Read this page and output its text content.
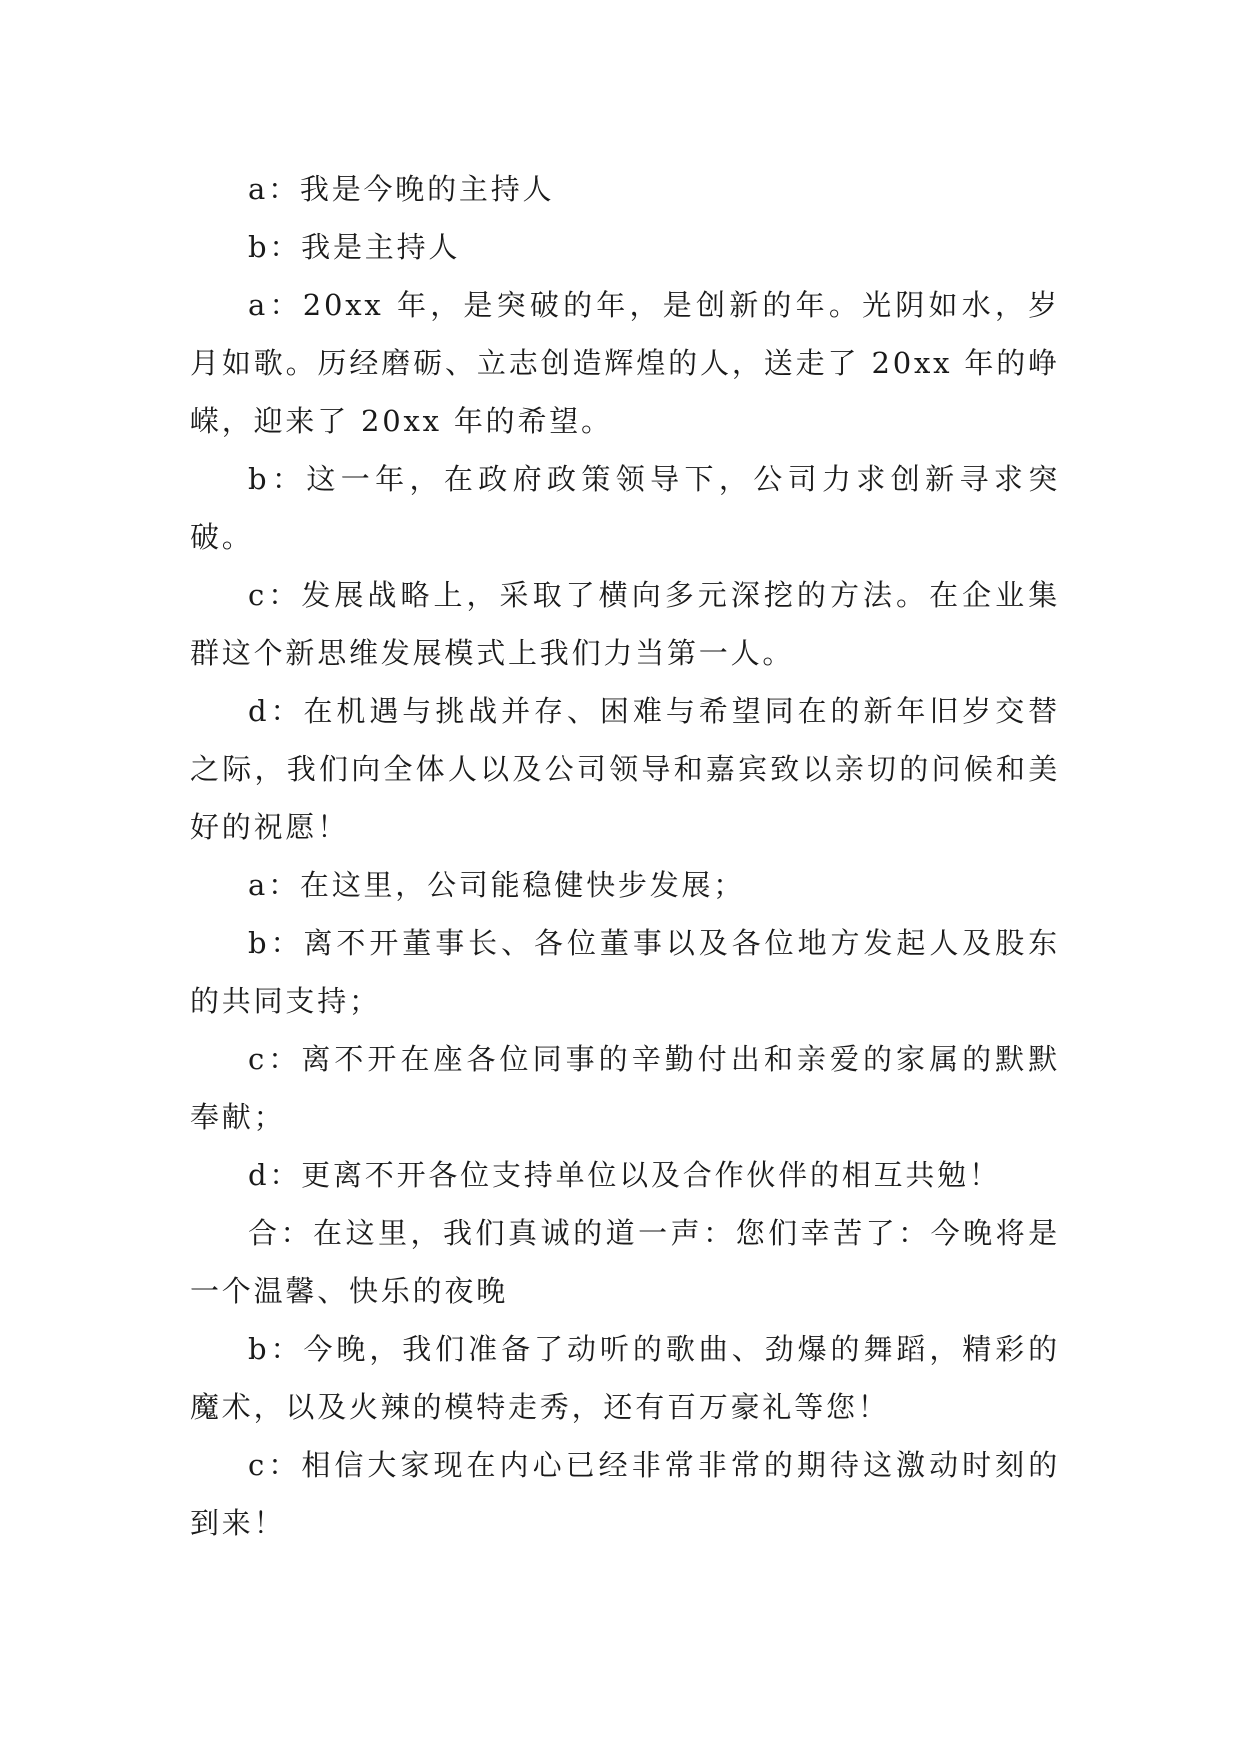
a：我是今晚的主持人

b：我是主持人

a：20xx 年，是突破的年，是创新的年。光阴如水，岁月如歌。历经磨砺、立志创造辉煌的人，送走了 20xx 年的峥嵘，迎来了 20xx 年的希望。

b：这一年，在政府政策领导下，公司力求创新寻求突破。

c：发展战略上，采取了横向多元深挖的方法。在企业集群这个新思维发展模式上我们力当第一人。

d：在机遇与挑战并存、困难与希望同在的新年旧岁交替之际，我们向全体人以及公司领导和嘉宾致以亲切的问候和美好的祝愿！

a：在这里，公司能稳健快步发展；

b：离不开董事长、各位董事以及各位地方发起人及股东的共同支持；

c：离不开在座各位同事的辛勤付出和亲爱的家属的默默奉献；

d：更离不开各位支持单位以及合作伙伴的相互共勉！

合：在这里，我们真诚的道一声：您们幸苦了：今晚将是一个温馨、快乐的夜晚

b：今晚，我们准备了动听的歌曲、劲爆的舞蹈，精彩的魔术，以及火辣的模特走秀，还有百万豪礼等您！

c：相信大家现在内心已经非常非常的期待这激动时刻的到来！
